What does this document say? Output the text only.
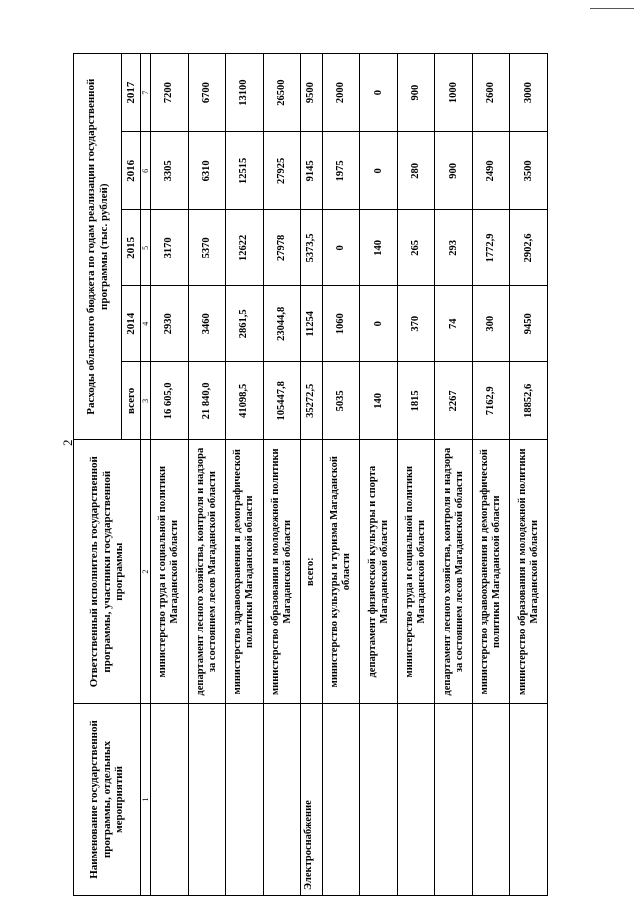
2
Наименование государственной программы, отдельных мероприятий	Ответственный исполнитель государственной программы, участники государственной программы	Расходы областного бюджета по годам реализации государственной программы (тыс. рублей)				
		всего	2014	2015	2016	2017
1	2	3	4	5	6	7
	министерство труда и социальной политики Магаданской области	16 605,0	2930	3170	3305	7200
	департамент лесного хозяйства, контроля и надзора за состоянием лесов Магаданской области	21 840,0	3460	5370	6310	6700
	министерство здравоохранения и демографической политики Магаданской области	41098,5	2861,5	12622	12515	13100
	министерство образования и молодежной политики Магаданской области	105447,8	23044,8	27978	27925	26500
Электроснабжение	всего:	35272,5	11254	5373,5	9145	9500
	министерство культуры и туризма Магаданской области	5035	1060	0	1975	2000
	департамент физической культуры и спорта Магаданской области	140	0	140	0	0
	министерство труда и социальной политики Магаданской области	1815	370	265	280	900
	департамент лесного хозяйства, контроля и надзора за состоянием лесов Магаданской области	2267	74	293	900	1000
	министерство здравоохранения и демографической политики Магаданской области	7162,9	300	1772,9	2490	2600
	министерство образования и молодежной политики Магаданской области	18852,6	9450	2902,6	3500	3000
